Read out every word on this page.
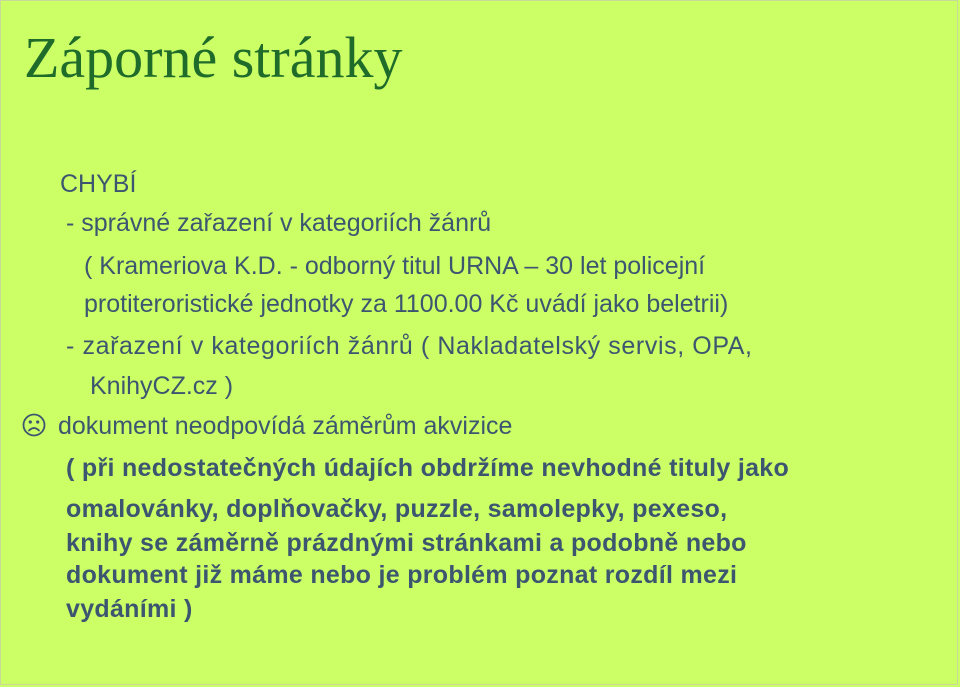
Záporné stránky
CHYBÍ
- správné zařazení v kategoriích žánrů
( Krameriova K.D. - odborný titul URNA – 30 let policejní
protiteroristické jednotky za 1100.00 Kč uvádí jako beletrii)
- zařazení v kategoriích žánrů ( Nakladatelský servis, OPA,
KnihyCZ.cz )
dokument neodpovídá záměrům akvizice
( při nedostatečných údajích obdržíme nevhodné tituly jako
omalovánky, doplňovačky, puzzle, samolepky, pexeso,
knihy se záměrně prázdnými stránkami a podobně nebo
dokument již máme nebo je problém poznat rozdíl mezi
vydáními )
